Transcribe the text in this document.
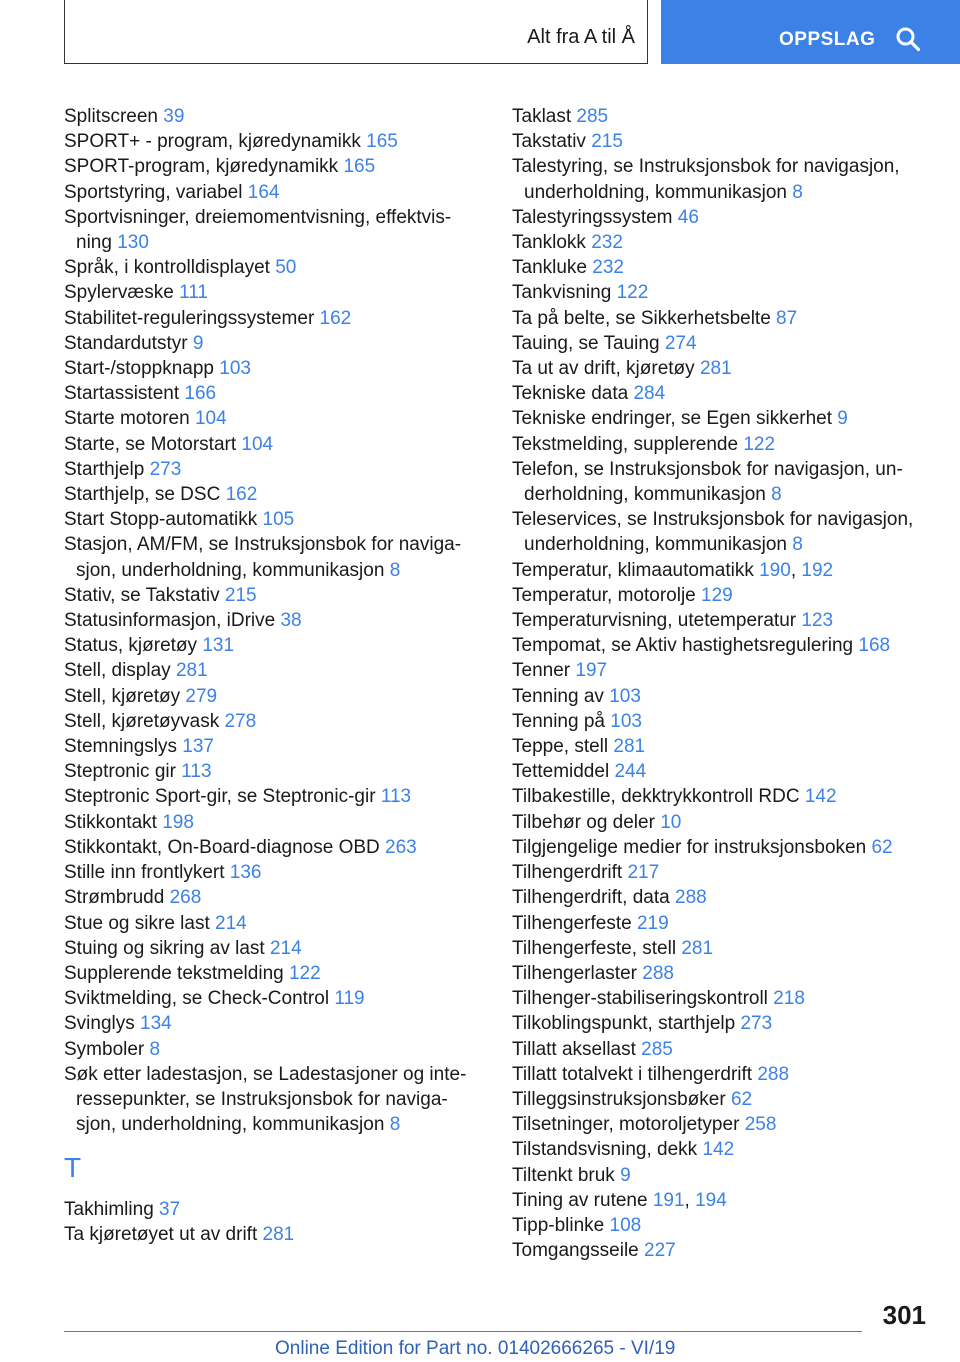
Alt fra A til Å	OPPSLAG

Splitscreen 39

SPORT+ - program, kjøredynamikk 165

SPORT-program, kjøredynamikk 165

Sportstyring, variabel 164

Sportvisninger, dreiemomentvisning, effektvis-
ning 130

Språk, i kontrolldisplayet 50

Spylervæske 111

Stabilitet-reguleringssystemer 162

Standardutstyr 9

Start-/stoppknapp 103

Startassistent 166

Starte motoren 104

Starte, se Motorstart 104

Starthjelp 273

Starthjelp, se DSC 162

Start Stopp-automatikk 105

Stasjon, AM/FM, se Instruksjonsbok for naviga-
sjon, underholdning, kommunikasjon 8

Stativ, se Takstativ 215

Statusinformasjon, iDrive 38

Status, kjøretøy 131

Stell, display 281

Stell, kjøretøy 279

Stell, kjøretøyvask 278

Stemningslys 137

Steptronic gir 113

Steptronic Sport-gir, se Steptronic-gir 113

Stikkontakt 198

Stikkontakt, On-Board-diagnose OBD 263

Stille inn frontlykert 136

Strømbrudd 268

Stue og sikre last 214

Stuing og sikring av last 214

Supplerende tekstmelding 122

Sviktmelding, se Check-Control 119

Svinglys 134

Symboler 8

Søk etter ladestasjon, se Ladestasjoner og inte-
ressepunkter, se Instruksjonsbok for naviga-
sjon, underholdning, kommunikasjon 8

T

Takhimling 37

Ta kjøretøyet ut av drift 281

Taklast 285

Takstativ 215

Talestyring, se Instruksjonsbok for navigasjon,
underholdning, kommunikasjon 8

Talestyringssystem 46

Tanklokk 232

Tankluke 232

Tankvisning 122

Ta på belte, se Sikkerhetsbelte 87

Tauing, se Tauing 274

Ta ut av drift, kjøretøy 281

Tekniske data 284

Tekniske endringer, se Egen sikkerhet 9

Tekstmelding, supplerende 122

Telefon, se Instruksjonsbok for navigasjon, un-
derholdning, kommunikasjon 8

Teleservices, se Instruksjonsbok for navigasjon,
underholdning, kommunikasjon 8

Temperatur, klimaautomatikk 190, 192

Temperatur, motorolje 129

Temperaturvisning, utetemperatur 123

Tempomat, se Aktiv hastighetsregulering 168

Tenner 197

Tenning av 103

Tenning på 103

Teppe, stell 281

Tettemiddel 244

Tilbakestille, dekktrykkontroll RDC 142

Tilbehør og deler 10

Tilgjengelige medier for instruksjonsboken 62

Tilhengerdrift 217

Tilhengerdrift, data 288

Tilhengerfeste 219

Tilhengerfeste, stell 281

Tilhengerlaster 288

Tilhenger-stabiliseringskontroll 218

Tilkoblingspunkt, starthjelp 273

Tillatt aksellast 285

Tillatt totalvekt i tilhengerdrift 288

Tilleggsinstruksjonsbøker 62

Tilsetninger, motoroljetyper 258

Tilstandsvisning, dekk 142

Tiltenkt bruk 9

Tining av rutene 191, 194

Tipp-blinke 108

Tomgangsseile 227

301
Online Edition for Part no. 01402666265 - VI/19
